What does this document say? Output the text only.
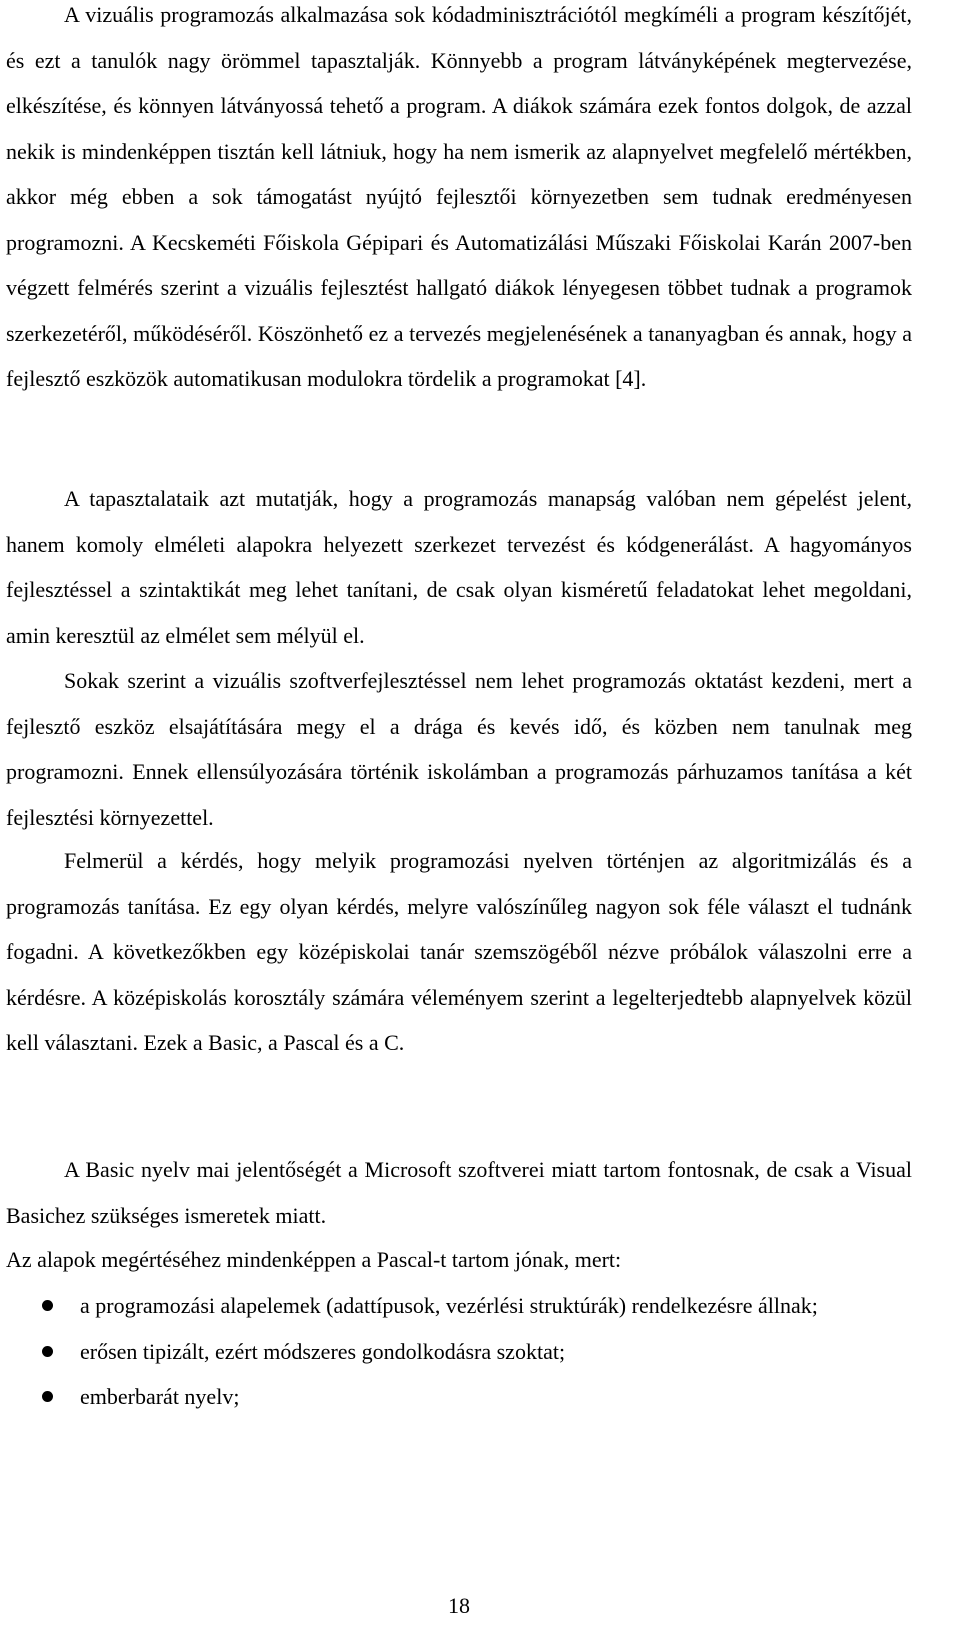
A vizuális programozás alkalmazása sok kódadminisztrációtól megkíméli a program készítőjét, és ezt a tanulók nagy örömmel tapasztalják. Könnyebb a program látványképének megtervezése, elkészítése, és könnyen látványossá tehető a program. A diákok számára ezek fontos dolgok, de azzal nekik is mindenképpen tisztán kell látniuk, hogy ha nem ismerik az alapnyelvet megfelelő mértékben, akkor még ebben a sok támogatást nyújtó fejlesztői környezetben sem tudnak eredményesen programozni. A Kecskeméti Főiskola Gépipari és Automatizálási Műszaki Főiskolai Karán 2007-ben végzett felmérés szerint a vizuális fejlesztést hallgató diákok lényegesen többet tudnak a programok szerkezetéről, működéséről. Köszönhető ez a tervezés megjelenésének a tananyagban és annak, hogy a fejlesztő eszközök automatikusan modulokra tördelik a programokat [4].

A tapasztalataik azt mutatják, hogy a programozás manapság valóban nem gépelést jelent, hanem komoly elméleti alapokra helyezett szerkezet tervezést és kódgenerálást. A hagyományos fejlesztéssel a szintaktikát meg lehet tanítani, de csak olyan kisméretű feladatokat lehet megoldani, amin keresztül az elmélet sem mélyül el.

Sokak szerint a vizuális szoftverfejlesztéssel nem lehet programozás oktatást kezdeni, mert a fejlesztő eszköz elsajátítására megy el a drága és kevés idő, és közben nem tanulnak meg programozni. Ennek ellensúlyozására történik iskolámban a programozás párhuzamos tanítása a két fejlesztési környezettel.

Felmerül a kérdés, hogy melyik programozási nyelven történjen az algoritmizálás és a programozás tanítása. Ez egy olyan kérdés, melyre valószínűleg nagyon sok féle választ el tudnánk fogadni. A következőkben egy középiskolai tanár szemszögéből nézve próbálok válaszolni erre a kérdésre. A középiskolás korosztály számára véleményem szerint a legelterjedtebb alapnyelvek közül kell választani. Ezek a Basic, a Pascal és a C.

A Basic nyelv mai jelentőségét a Microsoft szoftverei miatt tartom fontosnak, de csak a Visual Basichez szükséges ismeretek miatt.

Az alapok megértéséhez mindenképpen a Pascal-t tartom jónak, mert:

a programozási alapelemek (adattípusok, vezérlési struktúrák) rendelkezésre állnak;
erősen tipizált, ezért módszeres gondolkodásra szoktat;
emberbarát nyelv;
18
